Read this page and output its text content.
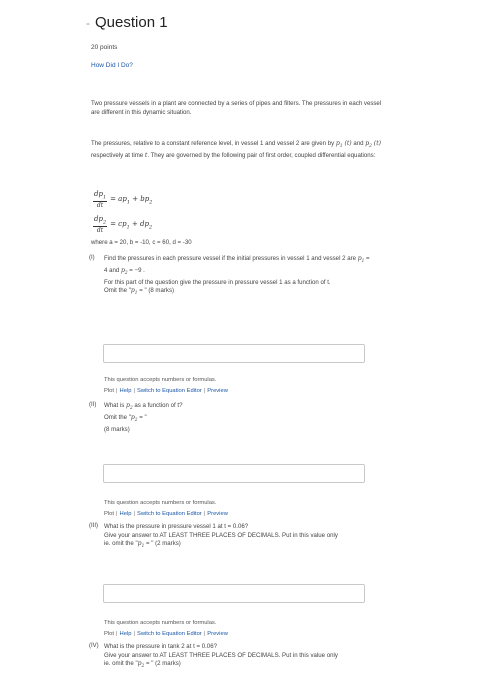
- Question 1
20 points
How Did I Do?
Two pressure vessels in a plant are connected by a series of pipes and filters. The pressures in each vessel are different in this dynamic situation.
The pressures, relative to a constant reference level, in vessel 1 and vessel 2 are given by $p_1$ (t) and $p_2$ (t) respectively at time t. They are governed by the following pair of first order, coupled differential equations:
$\frac{dp_1}{dt} = ap_1 + bp_2$
$\frac{dp_2}{dt} = cp_1 + dp_2$
where a = 20, b = -10, c = 60, d = -30
(I) Find the pressures in each pressure vessel if the initial pressures in vessel 1 and vessel 2 are $p_1 = 4$ and $p_2 = -9$ .
For this part of the question give the pressure in pressure vessel 1 as a function of t.
Omit the "$p_1$ = " (8 marks)
This question accepts numbers or formulas.
Plot | Help | Switch to Equation Editor | Preview
(II) What is $p_2$ as a function of t?
Omit the "$p_2$ = "
(8 marks)
This question accepts numbers or formulas.
Plot | Help | Switch to Equation Editor | Preview
(III) What is the pressure in pressure vessel 1 at t = 0.06?
Give your answer to AT LEAST THREE PLACES OF DECIMALS. Put in this value only
ie. omit the "$p_1$ = " (2 marks)
This question accepts numbers or formulas.
Plot | Help | Switch to Equation Editor | Preview
(IV) What is the pressure in tank 2 at t = 0.06?
Give your answer to AT LEAST THREE PLACES OF DECIMALS. Put in this value only
ie. omit the "$p_2$ = " (2 marks)
